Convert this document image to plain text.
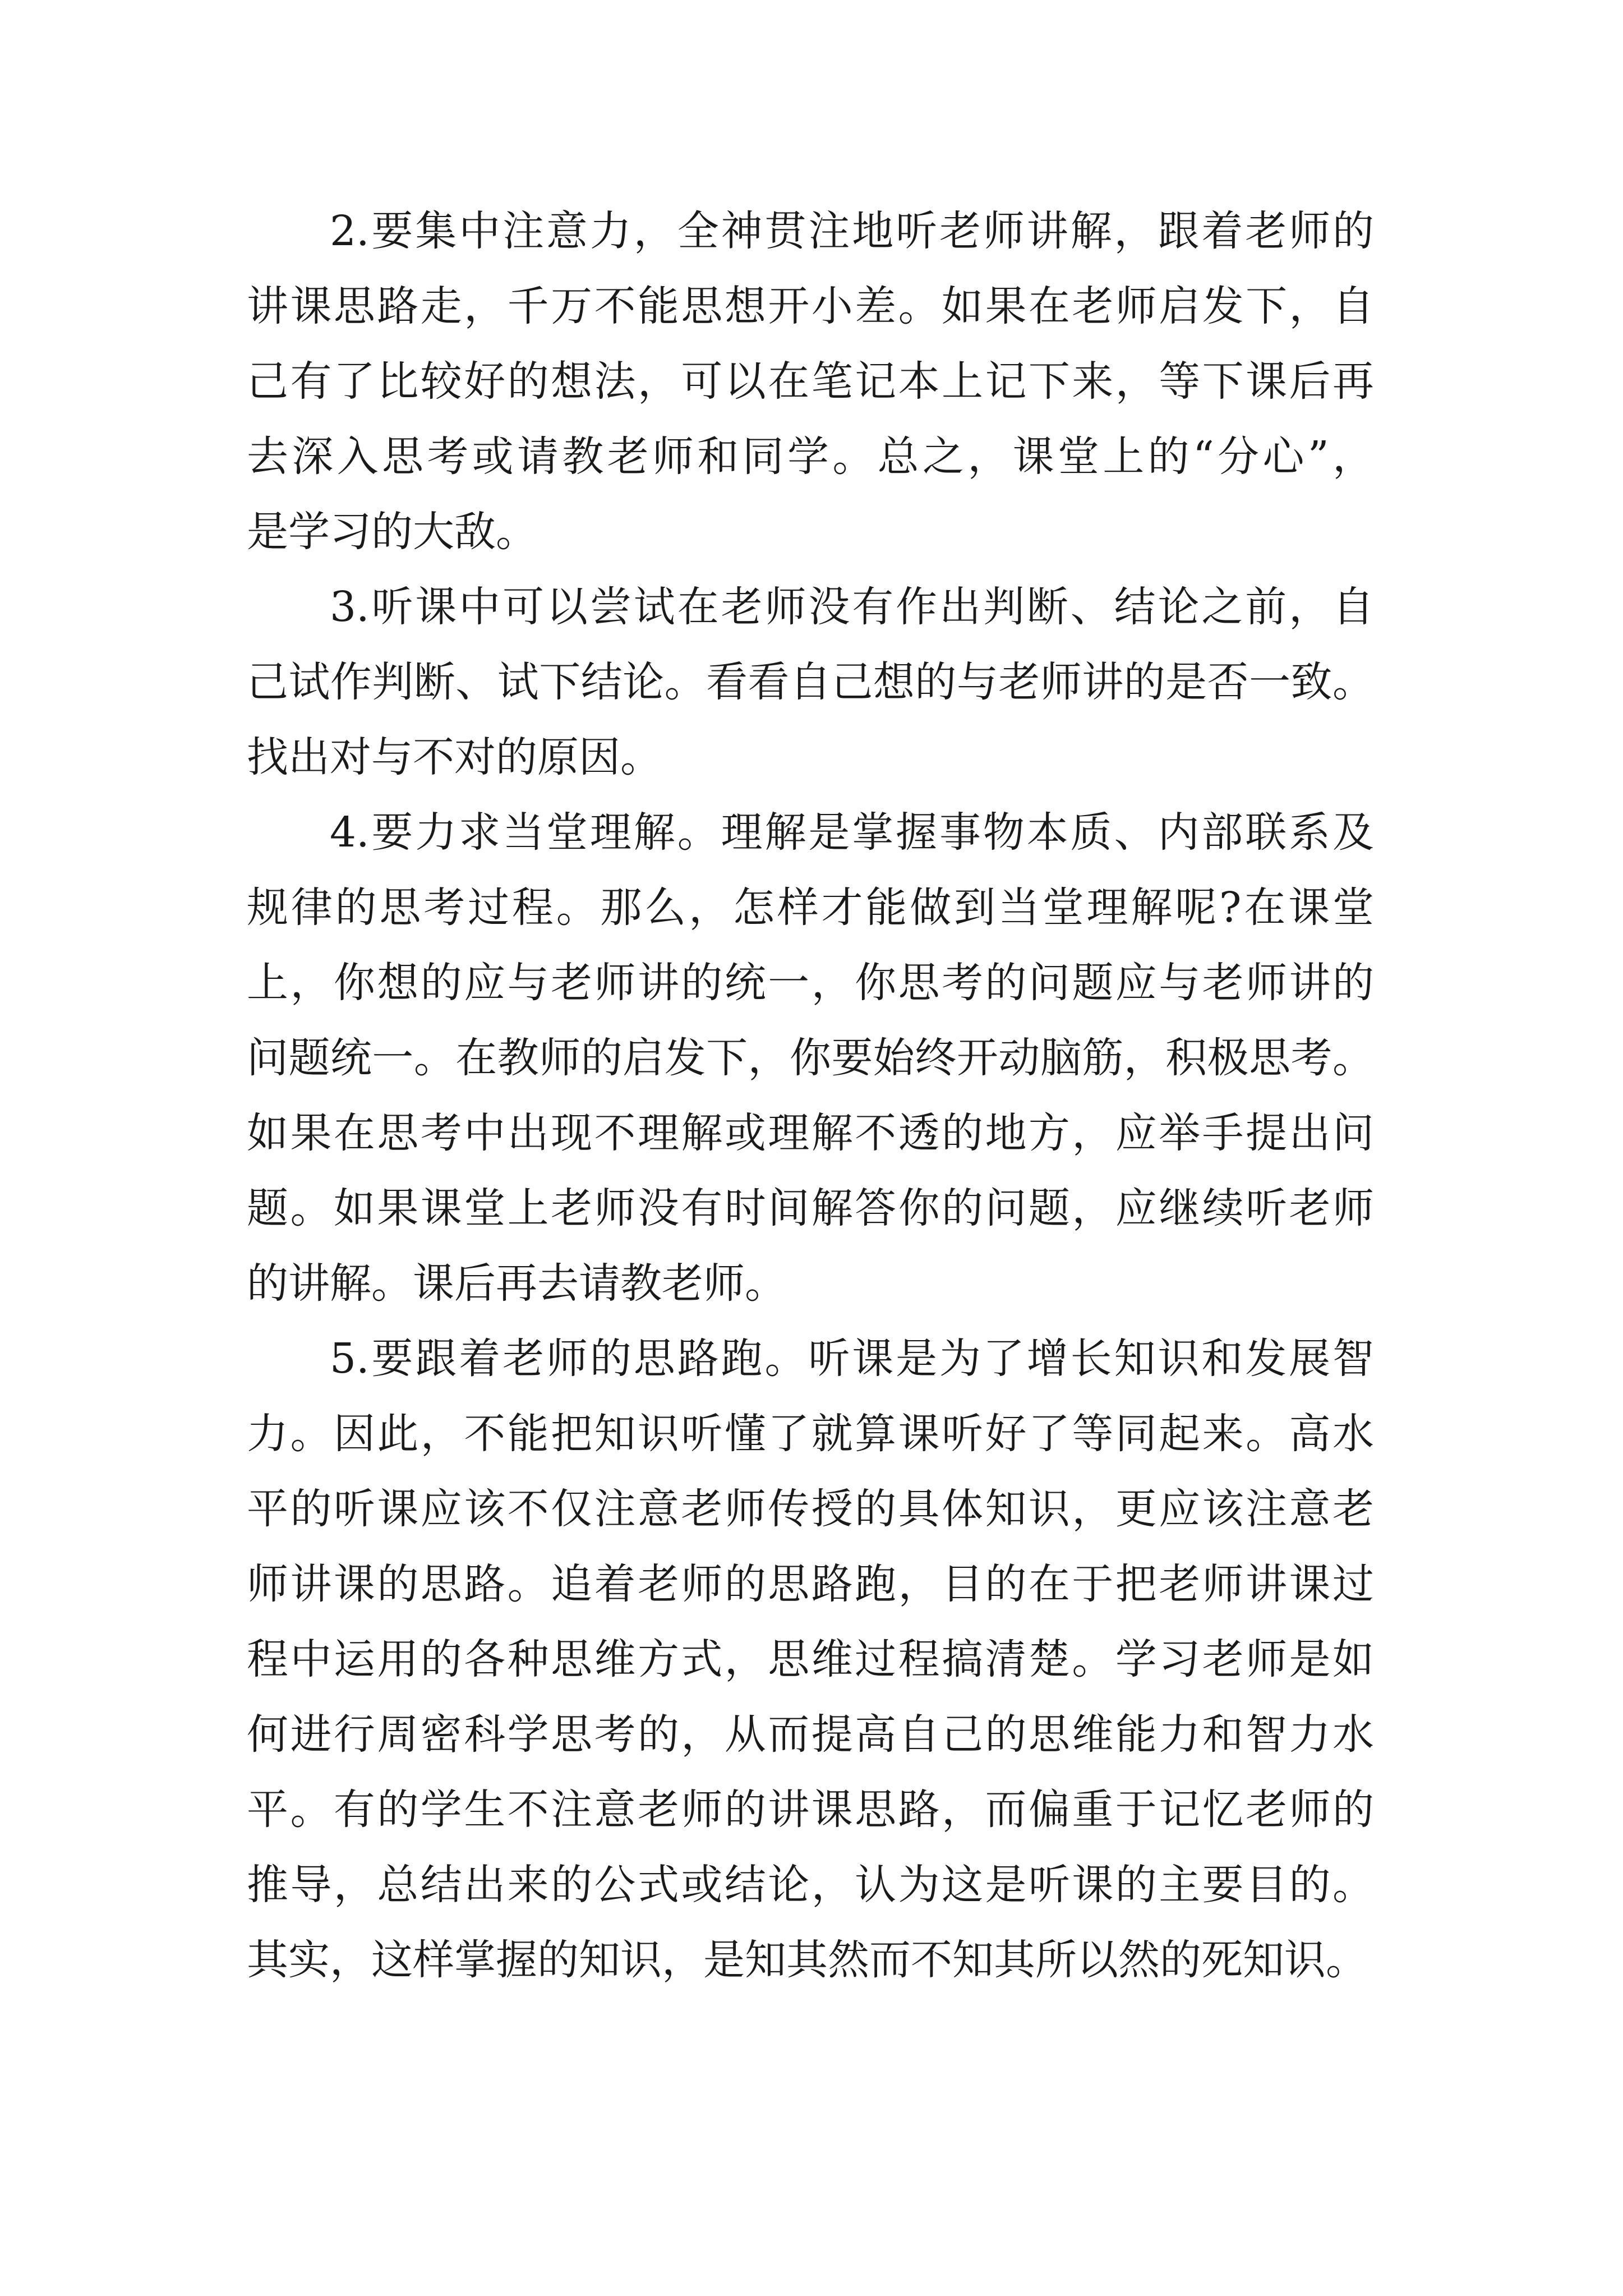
2.要集中注意力，全神贯注地听老师讲解，跟着老师的
讲课思路走，千万不能思想开小差。如果在老师启发下，自
己有了比较好的想法，可以在笔记本上记下来，等下课后再
去深入思考或请教老师和同学。总之，课堂上的“分心”，
是学习的大敌。
3.听课中可以尝试在老师没有作出判断、结论之前，自
己试作判断、试下结论。看看自己想的与老师讲的是否一致。
找出对与不对的原因。
4.要力求当堂理解。理解是掌握事物本质、内部联系及
规律的思考过程。那么，怎样才能做到当堂理解呢?在课堂
上，你想的应与老师讲的统一，你思考的问题应与老师讲的
问题统一。在教师的启发下，你要始终开动脑筋，积极思考。
如果在思考中出现不理解或理解不透的地方，应举手提出问
题。如果课堂上老师没有时间解答你的问题，应继续听老师
的讲解。课后再去请教老师。
5.要跟着老师的思路跑。听课是为了增长知识和发展智
力。因此，不能把知识听懂了就算课听好了等同起来。高水
平的听课应该不仅注意老师传授的具体知识，更应该注意老
师讲课的思路。追着老师的思路跑，目的在于把老师讲课过
程中运用的各种思维方式，思维过程搞清楚。学习老师是如
何进行周密科学思考的，从而提高自己的思维能力和智力水
平。有的学生不注意老师的讲课思路，而偏重于记忆老师的
推导，总结出来的公式或结论，认为这是听课的主要目的。
其实，这样掌握的知识，是知其然而不知其所以然的死知识。
